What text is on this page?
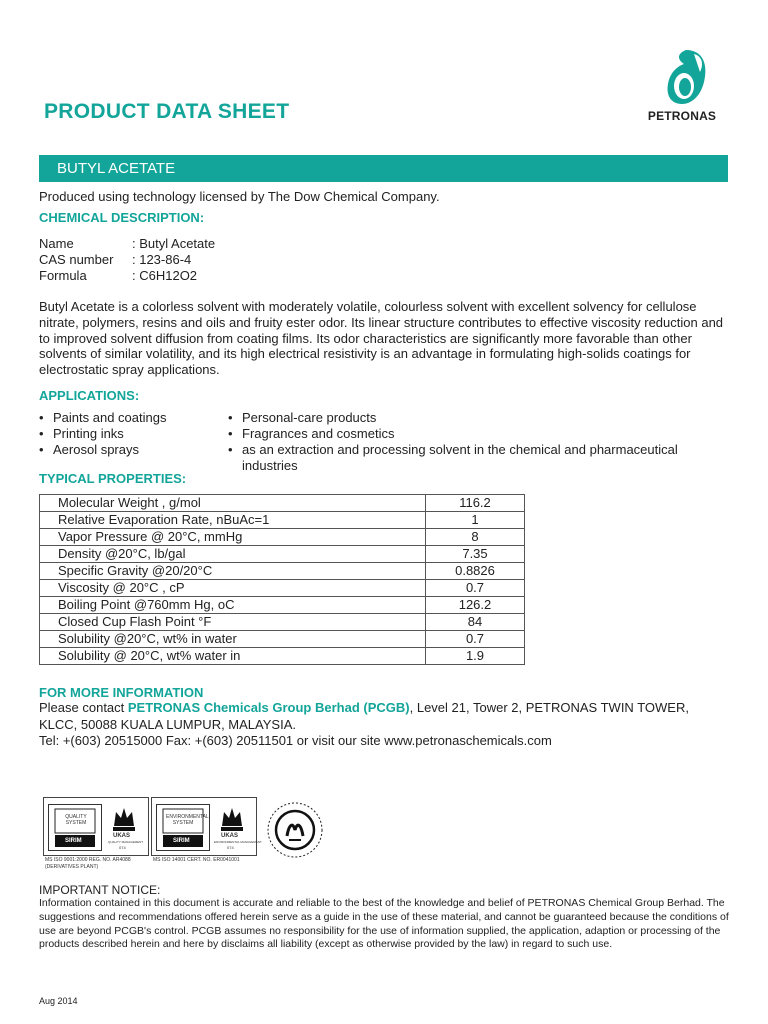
PRODUCT DATA SHEET	PETRONAS
BUTYL ACETATE
Produced using technology licensed by The Dow Chemical Company.
CHEMICAL DESCRIPTION:
Name	: Butyl Acetate
CAS number : 123-86-4
Formula	: C6H12O2
Butyl Acetate is a colorless solvent with moderately volatile, colourless solvent with excellent solvency for cellulose nitrate, polymers, resins and oils and fruity ester odor. Its linear structure contributes to effective viscosity reduction and to improved solvent diffusion from coating films. Its odor characteristics are significantly more favorable than other solvents of similar volatility, and its high electrical resistivity is an advantage in formulating high-solids coatings for electrostatic spray applications.
APPLICATIONS:
• Paints and coatings
• Printing inks
• Aerosol sprays
• Personal-care products
• Fragrances and cosmetics
• as an extraction and processing solvent in the chemical and pharmaceutical industries
TYPICAL PROPERTIES:
Molecular Weight , g/mol	116.2
Relative Evaporation Rate, nBuAc=1	1
Vapor Pressure @ 20°C, mmHg	8
Density @20°C, lb/gal	7.35
Specific Gravity @20/20°C	0.8826
Viscosity @ 20°C , cP	0.7
Boiling Point @760mm Hg, oC	126.2
Closed Cup Flash Point °F	84
Solubility @20°C, wt% in water	0.7
Solubility @ 20°C, wt% water in	1.9
FOR MORE INFORMATION
Please contact PETRONAS Chemicals Group Berhad (PCGB), Level 21, Tower 2, PETRONAS TWIN TOWER,
KLCC, 50088 KUALA LUMPUR, MALAYSIA.
Tel: +(603) 20515000 Fax: +(603) 20511501 or visit our site www.petronaschemicals.com
QUALITY SYSTEM
SIRIM
UKAS
QUALITY MANAGEMENT
074
MS ISO 9001:2000 REG. NO. AR4088
(DERIVATIVES PLANT)
ENVIRONMENTAL SYSTEM
SIRIM
UKAS
ENVIRONMENTAL MANAGEMENT
074
MS ISO 14001 CERT. NO. ER0041001
IMPORTANT NOTICE:
Information contained in this document is accurate and reliable to the best of the knowledge and belief of PETRONAS Chemical Group Berhad. The suggestions and recommendations offered herein serve as a guide in the use of these material, and cannot be guaranteed because the conditions of use are beyond PCGB's control. PCGB assumes no responsibility for the use of information supplied, the application, adaption or processing of the products described herein and here by disclaims all liability (except as otherwise provided by the law) in regard to such use.
Aug 2014
